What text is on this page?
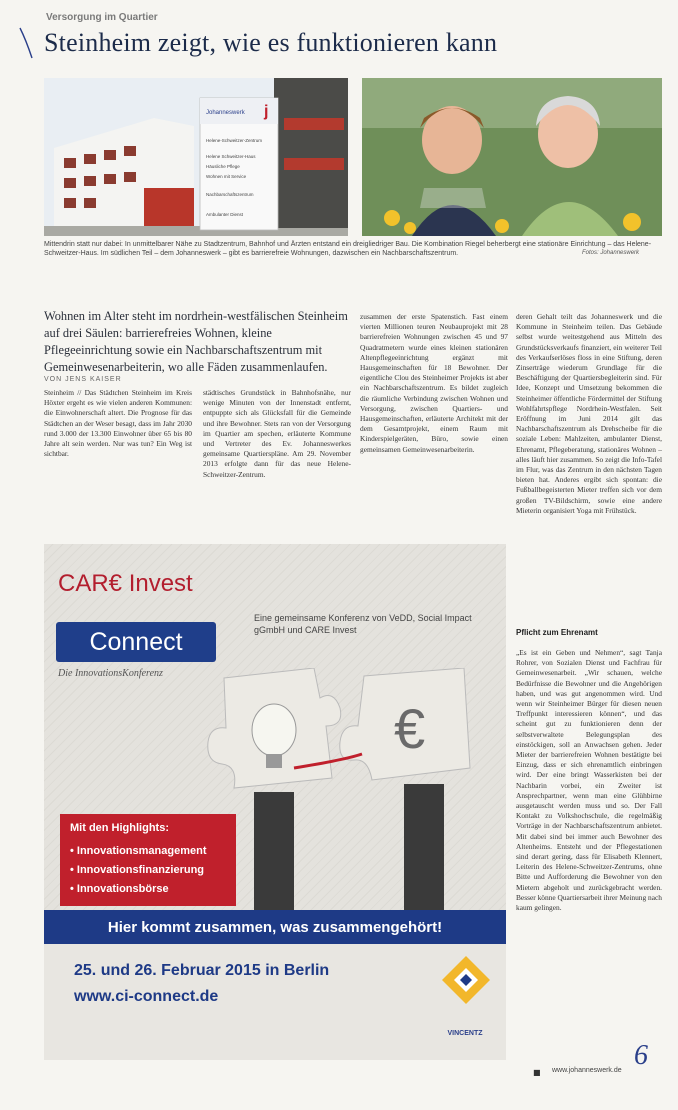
Versorgung im Quartier
Steinheim zeigt, wie es funktionieren kann
Johanneswerk j
Helene-Schweitzer-Zentrum
Helene Schweitzer-Haus
Häusliche Pflege
Wohnen mit Service
Nachbarschaftszentrum
Ambulanter Dienst
Mittendrin statt nur dabei: In unmittelbarer Nähe zu Stadtzentrum, Bahnhof und Ärzten entstand ein dreigliedriger Bau. Die Kombination Riegel beherbergt eine stationäre Einrichtung – das Helene-Schweitzer-Haus. Im südlichen Teil – dem Johanneswerk – gibt es barrierefreie Wohnungen, dazwischen ein Nachbarschaftszentrum.	Fotos: Johanneswerk
Wohnen im Alter steht im nordrhein-westfälischen Steinheim auf drei Säulen: barrierefreies Wohnen, kleine Pflegeeinrichtung sowie ein Nachbarschaftszentrum mit Gemeinwesenarbeiterin, wo alle Fäden zusammenlaufen.
VON JENS KAISER
Steinheim // Das Städtchen Steinheim im Kreis Höxter ergeht es wie vielen anderen Kommunen: die Einwohnerschaft altert. Die Prognose für das Städtchen an der Weser besagt, dass im Jahr 2030 rund 3.000 der 13.300 Einwohner über 65 bis 80 Jahre alt sein werden. Nur was tun? Ein Weg ist sichtbar.
städtisches Grundstück in Bahnhofsnähe, nur wenige Minuten von der Innenstadt entfernt, entpuppte sich als Glücksfall für die Gemeinde und ihre Bewohner. Stets ran von der Versorgung im Quartier am spechen, erläuterte Kommune und Vertreter des Ev. Johanneswerkes gemeinsame Quartierspläne. Am 29. November 2013 erfolgte dann für das neue Helene-Schweitzer-Zentrum.
zusammen der erste Spatenstich. Fast einem vierten Millionen teuren Neubauprojekt mit 28 barrierefreien Wohnungen zwischen 45 und 97 Quadratmetern wurde eines kleinen stationären Altenpflegeeinrichtung ergänzt mit Hausgemeinschaften für 18 Bewohner. Der eigentliche Clou des Steinheimer Projekts ist aber ein Nachbarschaftszentrum. Es bildet zugleich die räumliche Verbindung zwischen Wohnen und Versorgung, zwischen Quartiers- und Hausgemeinschaften, erläuterte Architekt mit der dem Gesamtprojekt, einem Raum mit Kinderspielgeräten, Büro, sowie einen gemeinsamen Gemeinwesenarbeiterin.
deren Gehalt teilt das Johanneswerk und die Kommune in Steinheim teilen. Das Gebäude selbst wurde weitestgehend aus Mitteln des Grundstücksverkaufs finanziert, ein weiterer Teil des Verkaufserlöses floss in eine Stiftung, deren Zinserträge wiederum Grundlage für die Beschäftigung der Quartiersbegleiterin sind. Für Idee, Konzept und Umsetzung bekommen die Steinheimer öffentliche Fördermittel der Stiftung Wohlfahrtspflege Nordrhein-Westfalen. Seit Eröffnung im Juni 2014 gilt das Nachbarschaftszentrum als Drehscheibe für die soziale Leben: Mahlzeiten, ambulanter Dienst, Ehrenamt, Pflegeberatung, stationäres Wohnen – alles läuft hier zusammen. So zeigt die Info-Tafel im Flur, was das Zentrum in den nächsten Tagen bieten hat. Anderes ergibt sich spontan: die Fußballbegeisterten Mieter treffen sich vor dem großen TV-Bildschirm, sowie eine andere Mieterin organisiert Yoga mit Frühstück.
Pflicht zum Ehrenamt
„Es ist ein Geben und Nehmen“, sagt Tanja Rohrer, von Sozialen Dienst und Fachfrau für Gemeinwesenarbeit. „Wir schauen, welche Bedürfnisse die Bewohner und die Angehörigen haben, und was gut angenommen wird. Und wenn wir Steinheimer Bürger für diesen neuen Treffpunkt interessieren können“, und das scheint gut zu funktionieren denn der selbstverwaltete Belegungsplan des einstöckigen, soll an Anwachsen gehen. Jeder Mieter der barrierefreien Wohnen bestätigte bei Einzug, dass er sich ehrenamtlich einbringen wird. Der eine bringt Wasserkisten bei der Nachbarin vorbei, ein Zweiter ist Ansprechpartner, wenn man eine Glühbirne ausgetauscht werden muss und so. Der Fall Kontakt zu Volkshochschule, die regelmäßig Vorträge in der Nachbarschaftszentrum anbietet. Mit dabei sind bei immer auch Bewohner des Altenheims. Entsteht und der Pflegestationen sind derart gering, dass für Elisabeth Klennert, Leiterin des Helene-Schweitzer-Zentrums, ohne Bitte und Aufforderung die Bewohner von den Mietern abgeholt und zurückgebracht werden. Besser könne Quartiersarbeit ihrer Meinung nach kaum gelingen.
CAR€ Invest
Connect
Die InnovationsKonferenz
Eine gemeinsame Konferenz von VeDD, Social Impact gGmbH und CARE Invest
€
Mit den Highlights:
• Innovationsmanagement
• Innovationsfinanzierung
• Innovationsbörse
Hier kommt zusammen, was zusammengehört!
25. und 26. Februar 2015 in Berlin
www.ci-connect.de
VINCENTZ
■ www.johanneswerk.de 6
